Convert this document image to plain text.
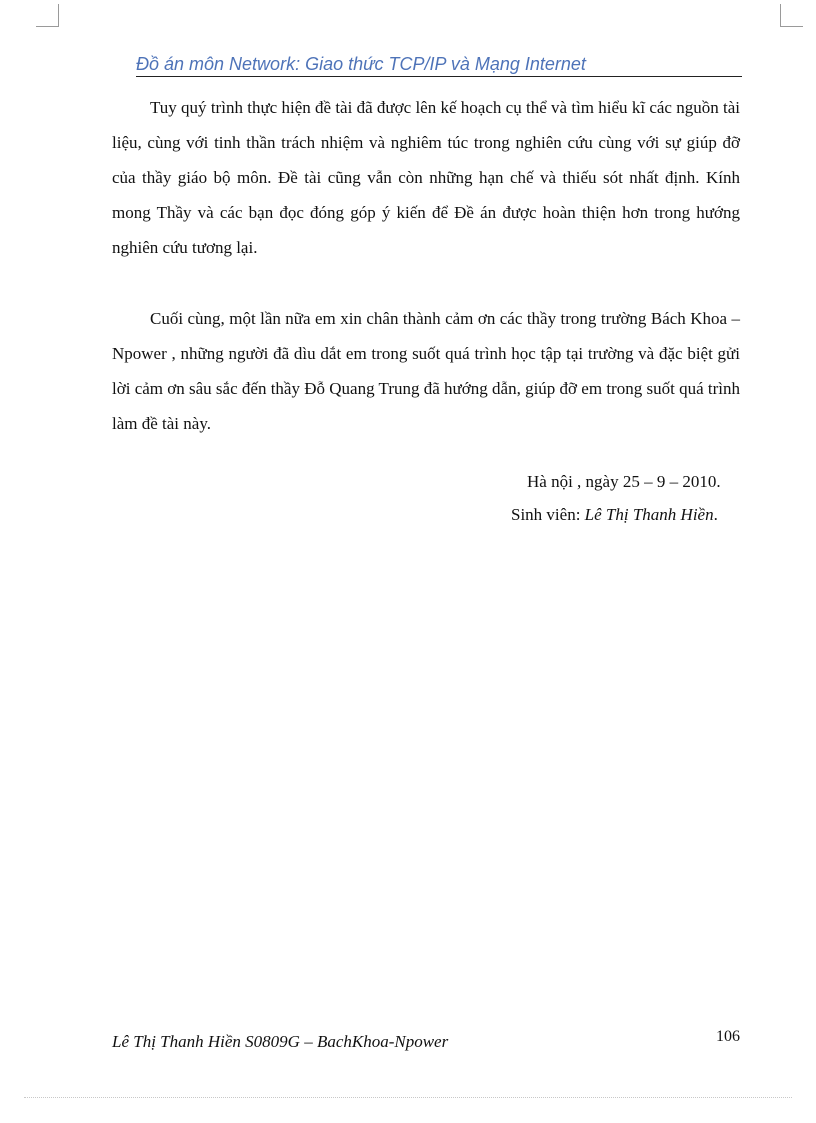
Đồ án môn Network: Giao thức TCP/IP và Mạng Internet

Tuy quý trình thực hiện đề tài đã được lên kế hoạch cụ thể và tìm hiểu kĩ các nguồn tài liệu, cùng với tinh thần trách nhiệm và nghiêm túc trong nghiên cứu cùng với sự giúp đỡ của thầy giáo bộ môn. Đề tài cũng vẫn còn những hạn chế và thiếu sót nhất định. Kính mong Thầy và các bạn đọc đóng góp ý kiến để Đề án được hoàn thiện hơn trong hướng nghiên cứu tương lại.

Cuối cùng, một lần nữa em xin chân thành cảm ơn các thầy trong trường Bách Khoa – Npower , những người đã dìu dắt em trong suốt quá trình học tập tại trường và đặc biệt gửi lời cảm ơn sâu sắc đến thầy Đỗ Quang Trung đã hướng dẫn, giúp đỡ em trong suốt quá trình làm đề tài này.

Hà nội , ngày 25 – 9 – 2010.
Sinh viên: Lê Thị Thanh Hiền.
Lê Thị Thanh Hiền S0809G – BachKhoa-Npower	106
